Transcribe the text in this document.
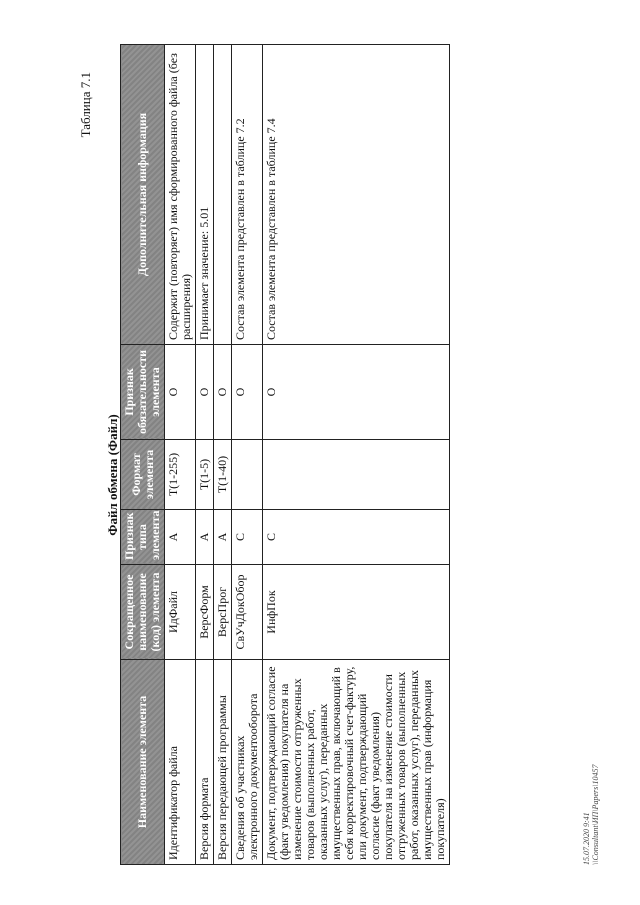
Таблица 7.1
Файл обмена (Файл)
Наименование элемента	Сокращенное наименование (код) элемента	Признак типа элемента	Формат элемента	Признак обязательности элемента	Дополнительная информация
Идентификатор файла	ИдФайл	А	T(1-255)	О	Содержит (повторяет) имя сформированного файла (без расширения)
Версия формата	ВерсФорм	А	T(1-5)	О	Принимает значение: 5.01
Версия передающей программы	ВерсПрог	А	T(1-40)	О	
Сведения об участниках электронного документооборота	СвУчДокОбор	С		О	Состав элемента представлен в таблице 7.2
Документ, подтверждающий согласие (факт уведомления) покупателя на изменение стоимости отгруженных товаров (выполненных работ, оказанных услуг), переданных имущественных прав, включающий в себя корректировочный счет-фактуру, или документ, подтверждающий согласие (факт уведомления) покупателя на изменение стоимости отгруженных товаров (выполненных работ, оказанных услуг), переданных имущественных прав (информация покупателя)	ИнфПок	С		О	Состав элемента представлен в таблице 7.4
15.07.2020 9:41 \\Consultant\ИП\Papers\10457
